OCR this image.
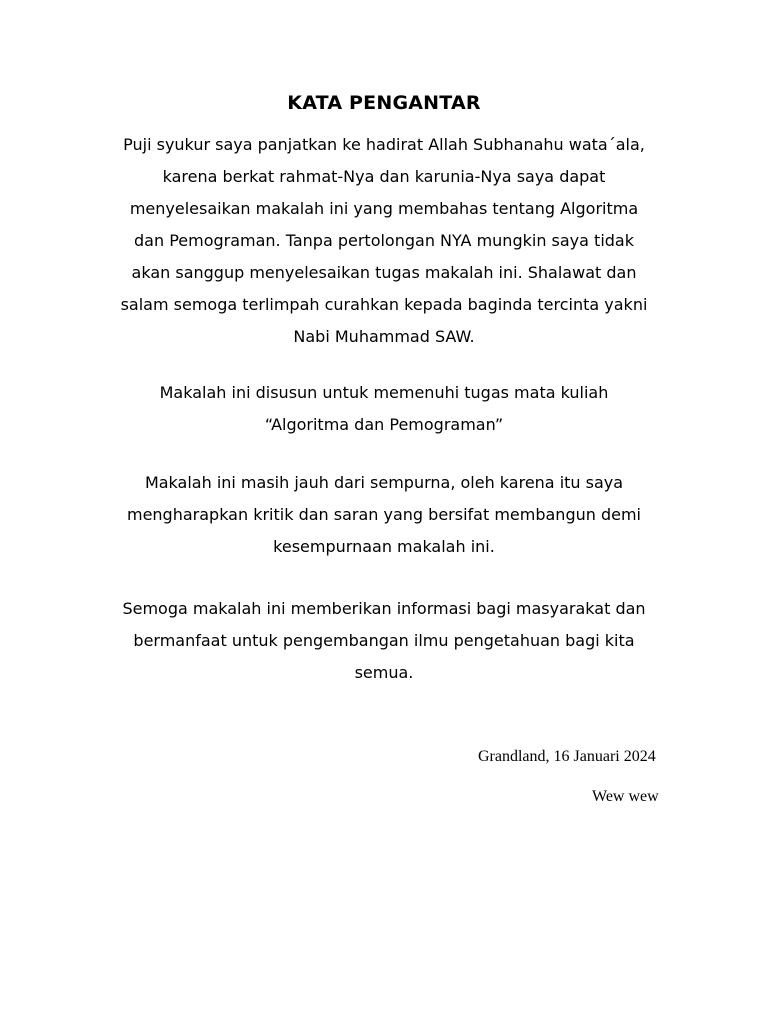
KATA PENGANTAR
Puji syukur saya panjatkan ke hadirat Allah Subhanahu wata´ala,
karena berkat rahmat-Nya dan karunia-Nya saya dapat
menyelesaikan makalah ini yang membahas tentang Algoritma
dan Pemograman. Tanpa pertolongan NYA mungkin saya tidak
akan sanggup menyelesaikan tugas makalah ini. Shalawat dan
salam semoga terlimpah curahkan kepada baginda tercinta yakni
Nabi Muhammad SAW.
Makalah ini disusun untuk memenuhi tugas mata kuliah
“Algoritma dan Pemograman”
Makalah ini masih jauh dari sempurna, oleh karena itu saya
mengharapkan kritik dan saran yang bersifat membangun demi
kesempurnaan makalah ini.
Semoga makalah ini memberikan informasi bagi masyarakat dan
bermanfaat untuk pengembangan ilmu pengetahuan bagi kita
semua.
Grandland, 16 Januari 2024
Wew wew
